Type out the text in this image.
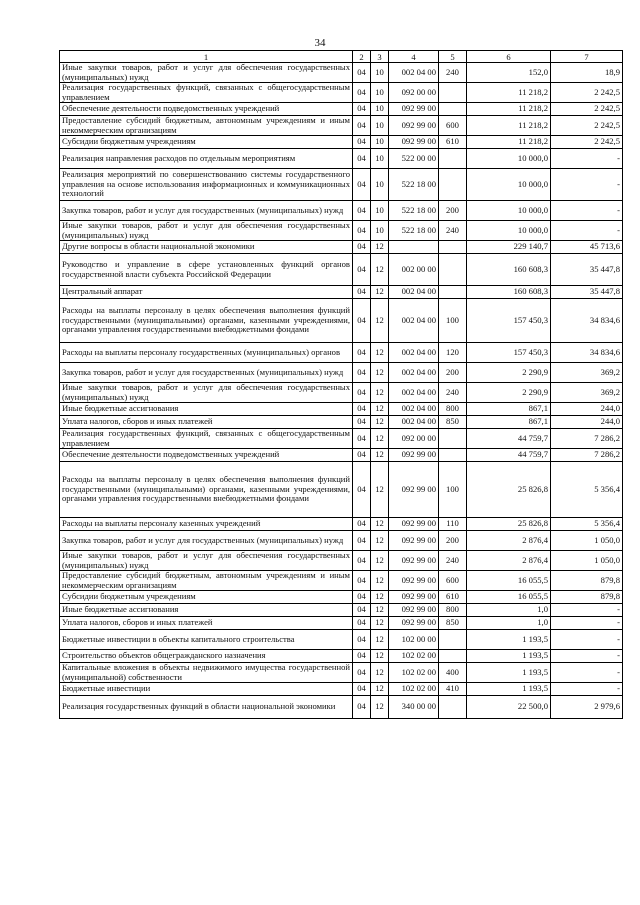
34
1	2	3	4	5	6	7
Иные закупки товаров, работ и услуг для обеспечения государственных (муниципальных) нужд	04	10	002 04 00	240	152,0	18,9
Реализация государственных функций, связанных с общегосударственным управлением	04	10	092 00 00		11 218,2	2 242,5
Обеспечение деятельности подведомственных учреждений	04	10	092 99 00		11 218,2	2 242,5
Предоставление субсидий бюджетным, автономным учреждениям и иным некоммерческим организациям	04	10	092 99 00	600	11 218,2	2 242,5
Субсидии бюджетным учреждениям	04	10	092 99 00	610	11 218,2	2 242,5
Реализация направления расходов по отдельным мероприятиям	04	10	522 00 00		10 000,0	-
Реализация мероприятий по совершенствованию системы государственного управления на основе использования информационных и коммуникационных технологий	04	10	522 18 00		10 000,0	-
Закупка товаров, работ и услуг для государственных (муниципальных) нужд	04	10	522 18 00	200	10 000,0	-
Иные закупки товаров, работ и услуг для обеспечения государственных (муниципальных) нужд	04	10	522 18 00	240	10 000,0	-
Другие вопросы в области национальной экономики	04	12			229 140,7	45 713,6
Руководство и управление в сфере установленных функций органов государственной власти субъекта Российской Федерации	04	12	002 00 00		160 608,3	35 447,8
Центральный аппарат	04	12	002 04 00		160 608,3	35 447,8
Расходы на выплаты персоналу в целях обеспечения выполнения функций государственными (муниципальными) органами, казенными учреждениями, органами управления государственными внебюджетными фондами	04	12	002 04 00	100	157 450,3	34 834,6
Расходы на выплаты персоналу государственных (муниципальных) органов	04	12	002 04 00	120	157 450,3	34 834,6
Закупка товаров, работ и услуг для государственных (муниципальных) нужд	04	12	002 04 00	200	2 290,9	369,2
Иные закупки товаров, работ и услуг для обеспечения государственных (муниципальных) нужд	04	12	002 04 00	240	2 290,9	369,2
Иные бюджетные ассигнования	04	12	002 04 00	800	867,1	244,0
Уплата налогов, сборов и иных платежей	04	12	002 04 00	850	867,1	244,0
Реализация государственных функций, связанных с общегосударственным управлением	04	12	092 00 00		44 759,7	7 286,2
Обеспечение деятельности подведомственных учреждений	04	12	092 99 00		44 759,7	7 286,2
Расходы на выплаты персоналу в целях обеспечения выполнения функций государственными (муниципальными) органами, казенными учреждениями, органами управления государственными внебюджетными фондами	04	12	092 99 00	100	25 826,8	5 356,4
Расходы на выплаты персоналу казенных учреждений	04	12	092 99 00	110	25 826,8	5 356,4
Закупка товаров, работ и услуг для государственных (муниципальных) нужд	04	12	092 99 00	200	2 876,4	1 050,0
Иные закупки товаров, работ и услуг для обеспечения государственных (муниципальных) нужд	04	12	092 99 00	240	2 876,4	1 050,0
Предоставление субсидий бюджетным, автономным учреждениям и иным некоммерческим организациям	04	12	092 99 00	600	16 055,5	879,8
Субсидии бюджетным учреждениям	04	12	092 99 00	610	16 055,5	879,8
Иные бюджетные ассигнования	04	12	092 99 00	800	1,0	-
Уплата налогов, сборов и иных платежей	04	12	092 99 00	850	1,0	-
Бюджетные инвестиции в объекты капитального строительства	04	12	102 00 00		1 193,5	-
Строительство объектов общегражданского назначения	04	12	102 02 00		1 193,5	-
Капитальные вложения в объекты недвижимого имущества государственной (муниципальной) собственности	04	12	102 02 00	400	1 193,5	-
Бюджетные инвестиции	04	12	102 02 00	410	1 193,5	-
Реализация государственных функций в области национальной экономики	04	12	340 00 00		22 500,0	2 979,6
